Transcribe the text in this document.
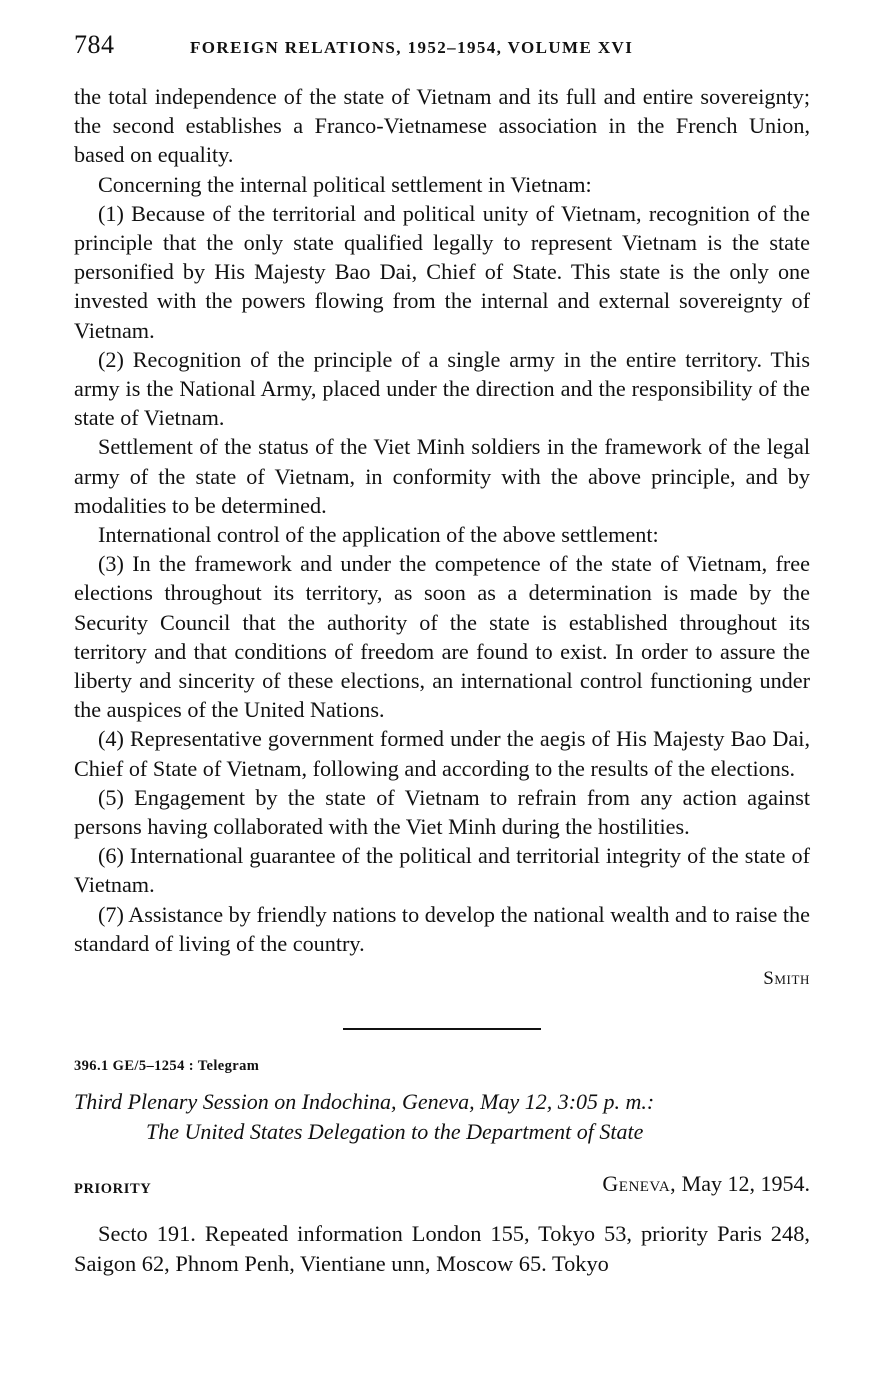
784	FOREIGN RELATIONS, 1952–1954, VOLUME XVI

the total independence of the state of Vietnam and its full and entire sovereignty; the second establishes a Franco-Vietnamese association in the French Union, based on equality.

Concerning the internal political settlement in Vietnam:

(1) Because of the territorial and political unity of Vietnam, recognition of the principle that the only state qualified legally to represent Vietnam is the state personified by His Majesty Bao Dai, Chief of State. This state is the only one invested with the powers flowing from the internal and external sovereignty of Vietnam.

(2) Recognition of the principle of a single army in the entire territory. This army is the National Army, placed under the direction and the responsibility of the state of Vietnam.

Settlement of the status of the Viet Minh soldiers in the framework of the legal army of the state of Vietnam, in conformity with the above principle, and by modalities to be determined.

International control of the application of the above settlement:

(3) In the framework and under the competence of the state of Vietnam, free elections throughout its territory, as soon as a determination is made by the Security Council that the authority of the state is established throughout its territory and that conditions of freedom are found to exist. In order to assure the liberty and sincerity of these elections, an international control functioning under the auspices of the United Nations.

(4) Representative government formed under the aegis of His Majesty Bao Dai, Chief of State of Vietnam, following and according to the results of the elections.

(5) Engagement by the state of Vietnam to refrain from any action against persons having collaborated with the Viet Minh during the hostilities.

(6) International guarantee of the political and territorial integrity of the state of Vietnam.

(7) Assistance by friendly nations to develop the national wealth and to raise the standard of living of the country.

Smith
396.1 GE/5–1254 : Telegram
Third Plenary Session on Indochina, Geneva, May 12, 3:05 p. m.:
The United States Delegation to the Department of State
PRIORITY	Geneva, May 12, 1954.

Secto 191. Repeated information London 155, Tokyo 53, priority Paris 248, Saigon 62, Phnom Penh, Vientiane unn, Moscow 65. Tokyo
